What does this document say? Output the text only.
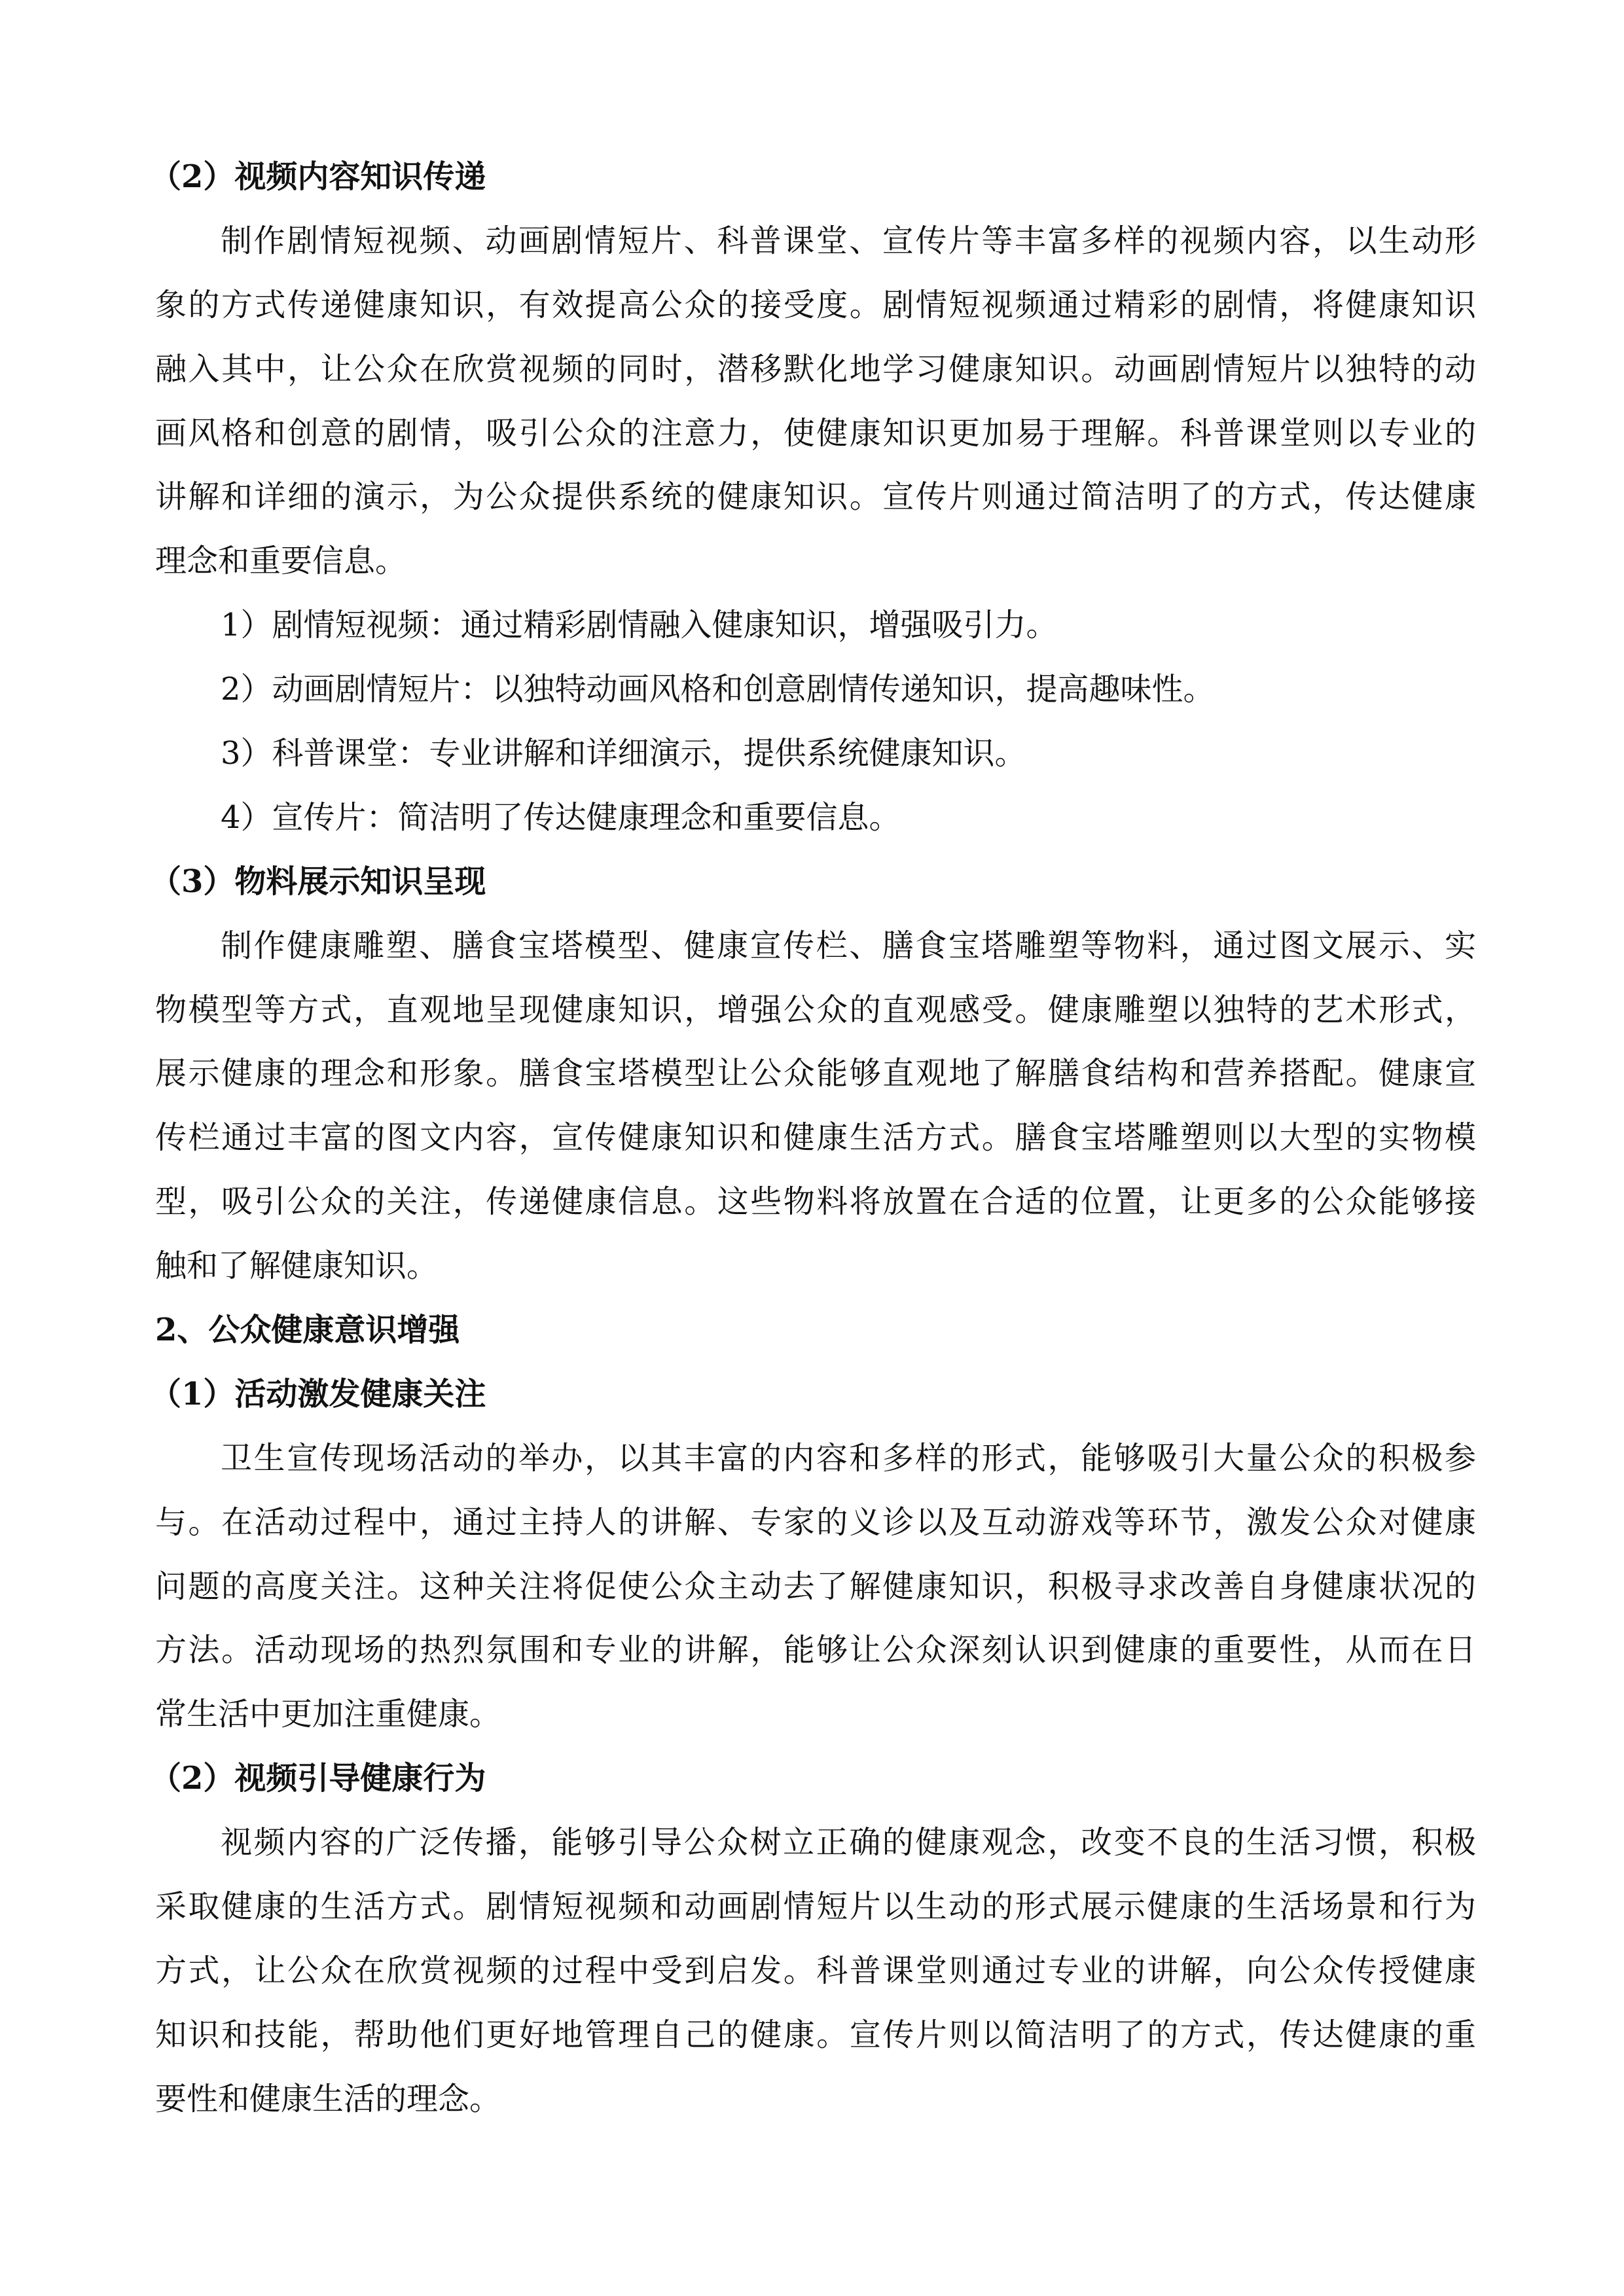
（2）视频内容知识传递
制作剧情短视频、动画剧情短片、科普课堂、宣传片等丰富多样的视频内容，以生动形
象的方式传递健康知识，有效提高公众的接受度。剧情短视频通过精彩的剧情，将健康知识
融入其中，让公众在欣赏视频的同时，潜移默化地学习健康知识。动画剧情短片以独特的动
画风格和创意的剧情，吸引公众的注意力，使健康知识更加易于理解。科普课堂则以专业的
讲解和详细的演示，为公众提供系统的健康知识。宣传片则通过简洁明了的方式，传达健康
理念和重要信息。
1）剧情短视频：通过精彩剧情融入健康知识，增强吸引力。
2）动画剧情短片：以独特动画风格和创意剧情传递知识，提高趣味性。
3）科普课堂：专业讲解和详细演示，提供系统健康知识。
4）宣传片：简洁明了传达健康理念和重要信息。
（3）物料展示知识呈现
制作健康雕塑、膳食宝塔模型、健康宣传栏、膳食宝塔雕塑等物料，通过图文展示、实
物模型等方式，直观地呈现健康知识，增强公众的直观感受。健康雕塑以独特的艺术形式，
展示健康的理念和形象。膳食宝塔模型让公众能够直观地了解膳食结构和营养搭配。健康宣
传栏通过丰富的图文内容，宣传健康知识和健康生活方式。膳食宝塔雕塑则以大型的实物模
型，吸引公众的关注，传递健康信息。这些物料将放置在合适的位置，让更多的公众能够接
触和了解健康知识。
2、公众健康意识增强
（1）活动激发健康关注
卫生宣传现场活动的举办，以其丰富的内容和多样的形式，能够吸引大量公众的积极参
与。在活动过程中，通过主持人的讲解、专家的义诊以及互动游戏等环节，激发公众对健康
问题的高度关注。这种关注将促使公众主动去了解健康知识，积极寻求改善自身健康状况的
方法。活动现场的热烈氛围和专业的讲解，能够让公众深刻认识到健康的重要性，从而在日
常生活中更加注重健康。
（2）视频引导健康行为
视频内容的广泛传播，能够引导公众树立正确的健康观念，改变不良的生活习惯，积极
采取健康的生活方式。剧情短视频和动画剧情短片以生动的形式展示健康的生活场景和行为
方式，让公众在欣赏视频的过程中受到启发。科普课堂则通过专业的讲解，向公众传授健康
知识和技能，帮助他们更好地管理自己的健康。宣传片则以简洁明了的方式，传达健康的重
要性和健康生活的理念。
